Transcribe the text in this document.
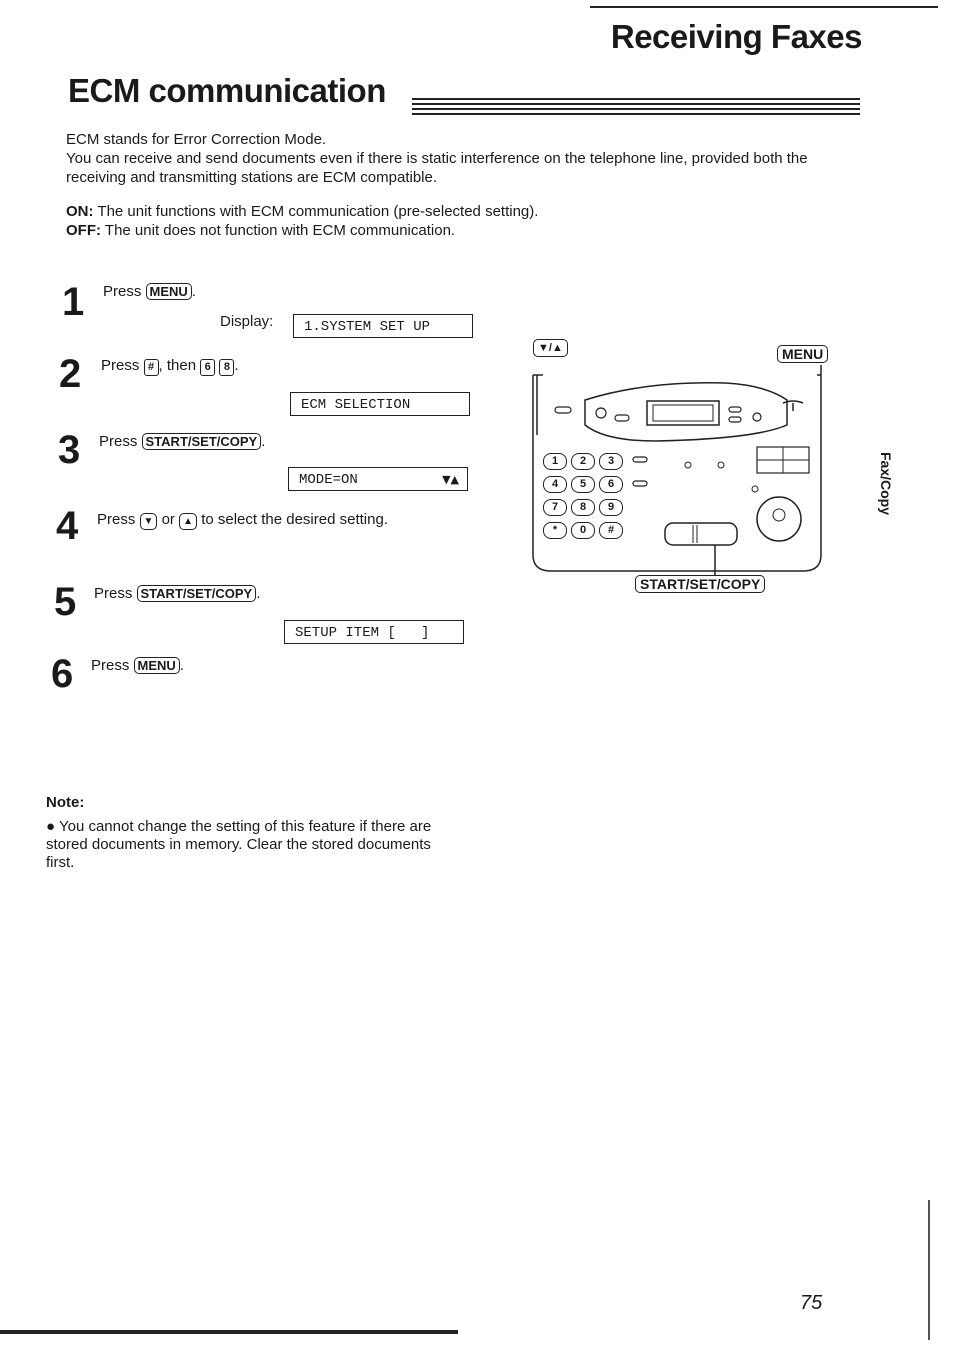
Receiving Faxes
ECM communication
ECM stands for Error Correction Mode.
You can receive and send documents even if there is static interference on the telephone line, provided both the receiving and transmitting stations are ECM compatible.
ON: The unit functions with ECM communication (pre-selected setting).
OFF: The unit does not function with ECM communication.
1 Press MENU .
Display:	1.SYSTEM SET UP
2 Press # , then 6 8 .
ECM SELECTION
3 Press START/SET/COPY .
MODE=ON	▼▲
4 Press ▼ or ▲ to select the desired setting.
5 Press START/SET/COPY .
SETUP ITEM [   ]
6 Press MENU .
▼/▲	MENU
START/SET/COPY
1	2	3
4	5	6
7	8	9
*	0	#
Note:
● You cannot change the setting of this feature if there are stored documents in memory. Clear the stored documents first.
Fax/Copy
75
